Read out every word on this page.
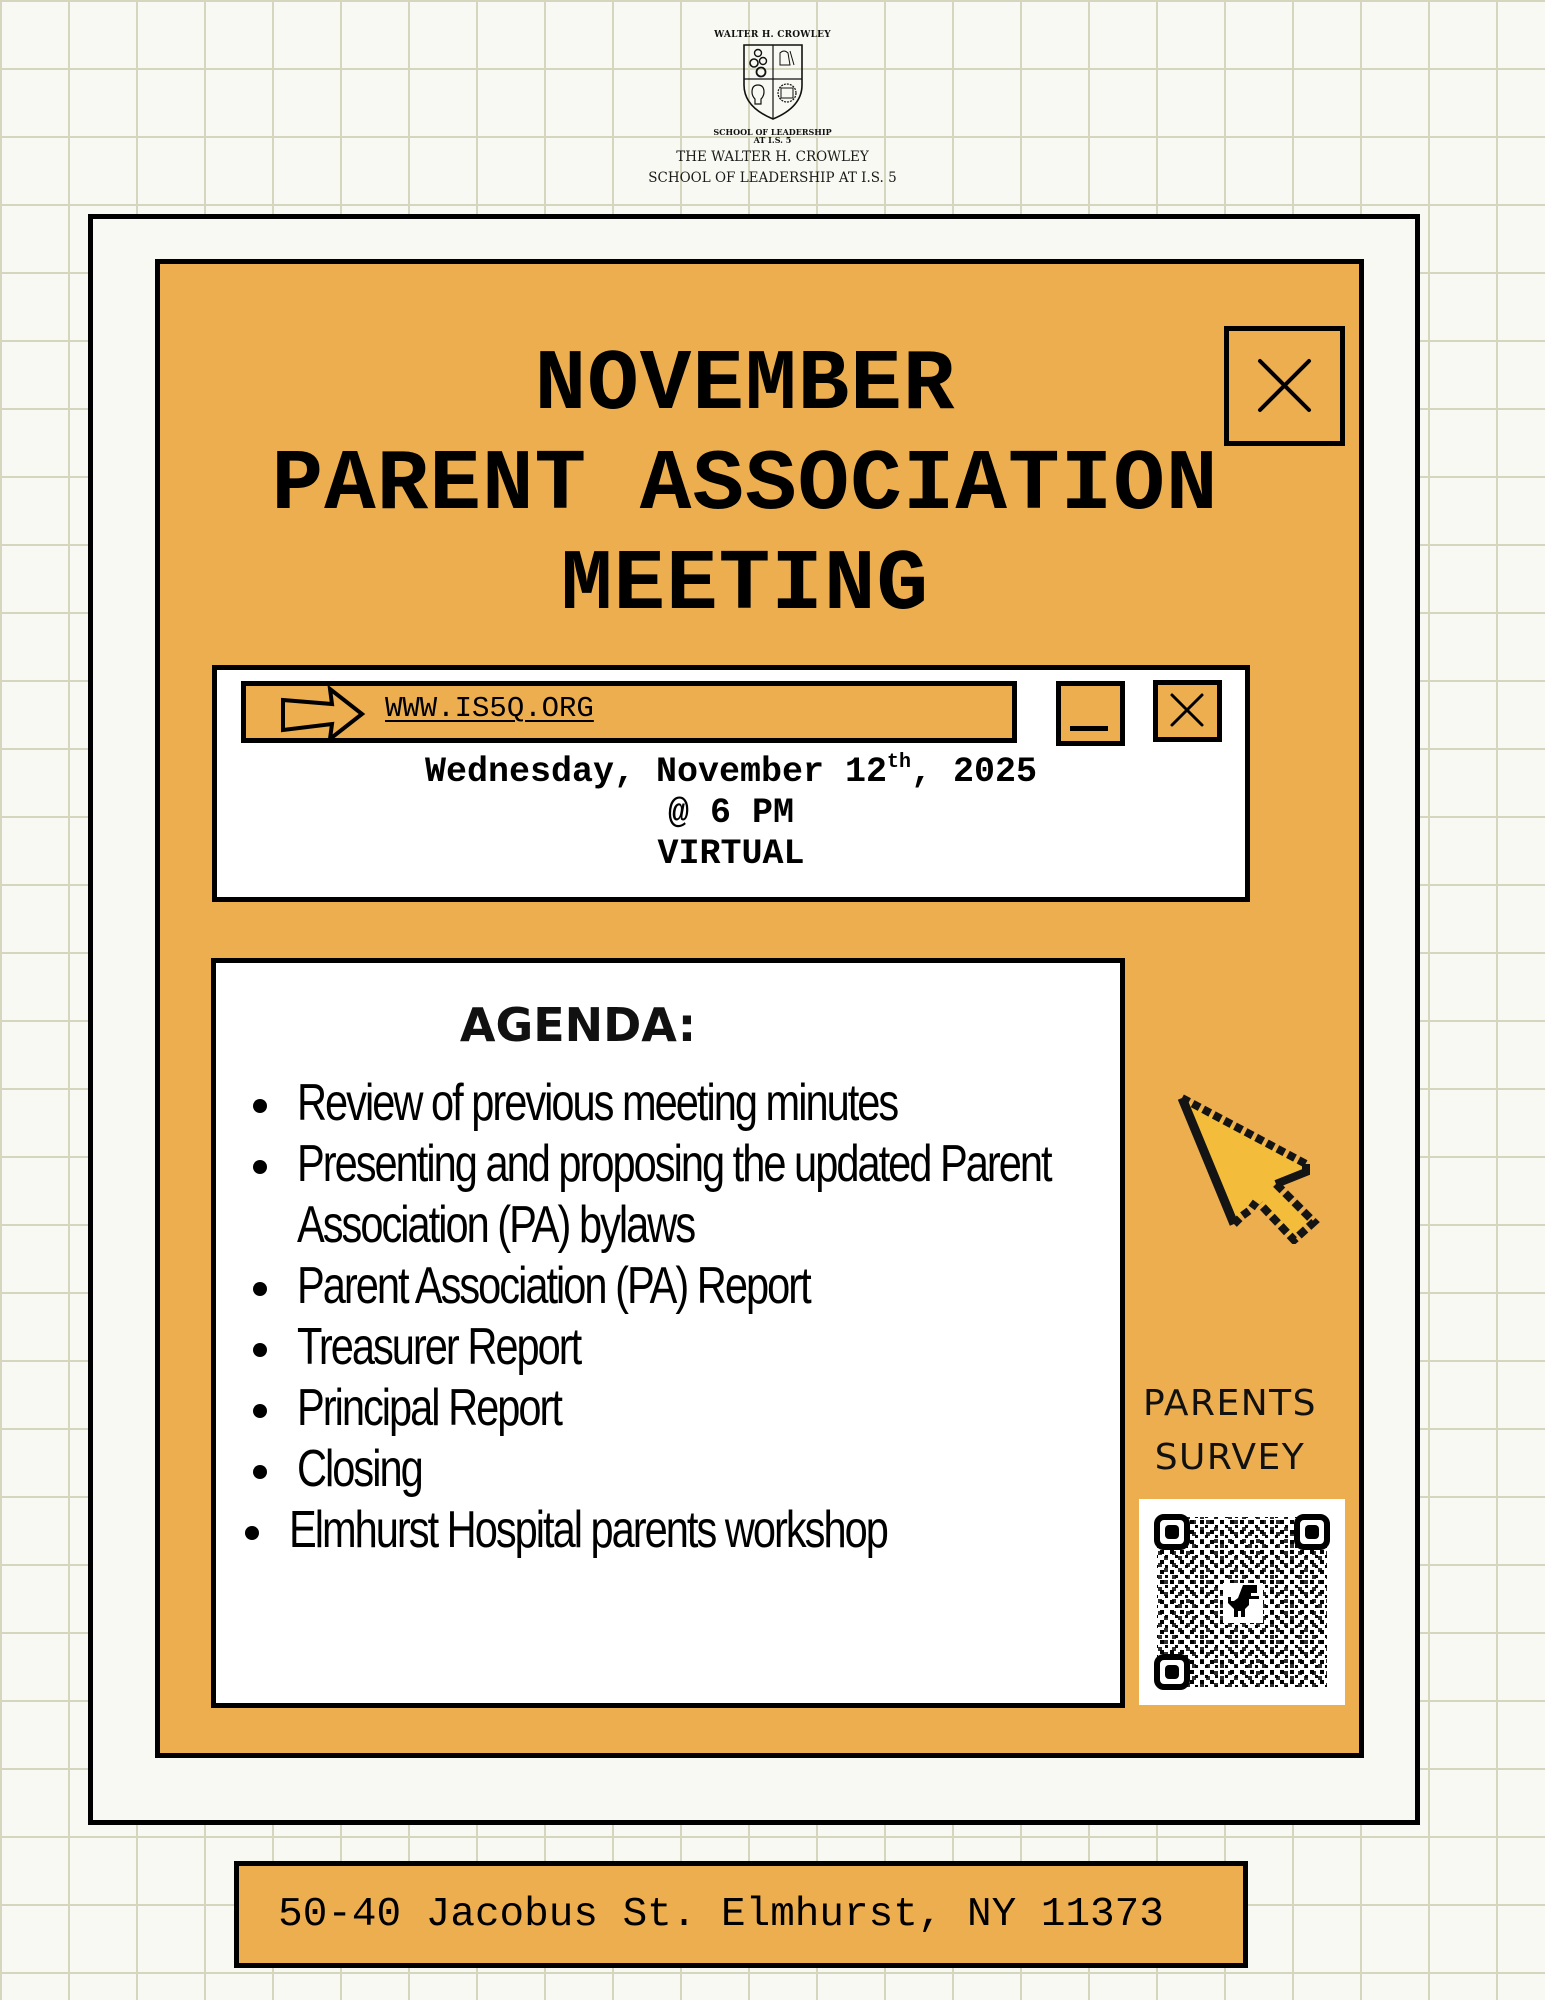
WALTER H. CROWLEY
SCHOOL OF LEADERSHIP
AT I.S. 5
THE WALTER H. CROWLEY
SCHOOL OF LEADERSHIP AT I.S. 5
NOVEMBER
PARENT ASSOCIATION
MEETING
WWW.IS5Q.ORG
Wednesday, November 12th, 2025
@ 6 PM
VIRTUAL
AGENDA:
Review of previous meeting minutes
Presenting and proposing the updated Parent Association (PA) bylaws
Parent Association (PA) Report
Treasurer Report
Principal Report
Closing
Elmhurst Hospital parents workshop
PARENTS
SURVEY
50-40 Jacobus St. Elmhurst, NY 11373
